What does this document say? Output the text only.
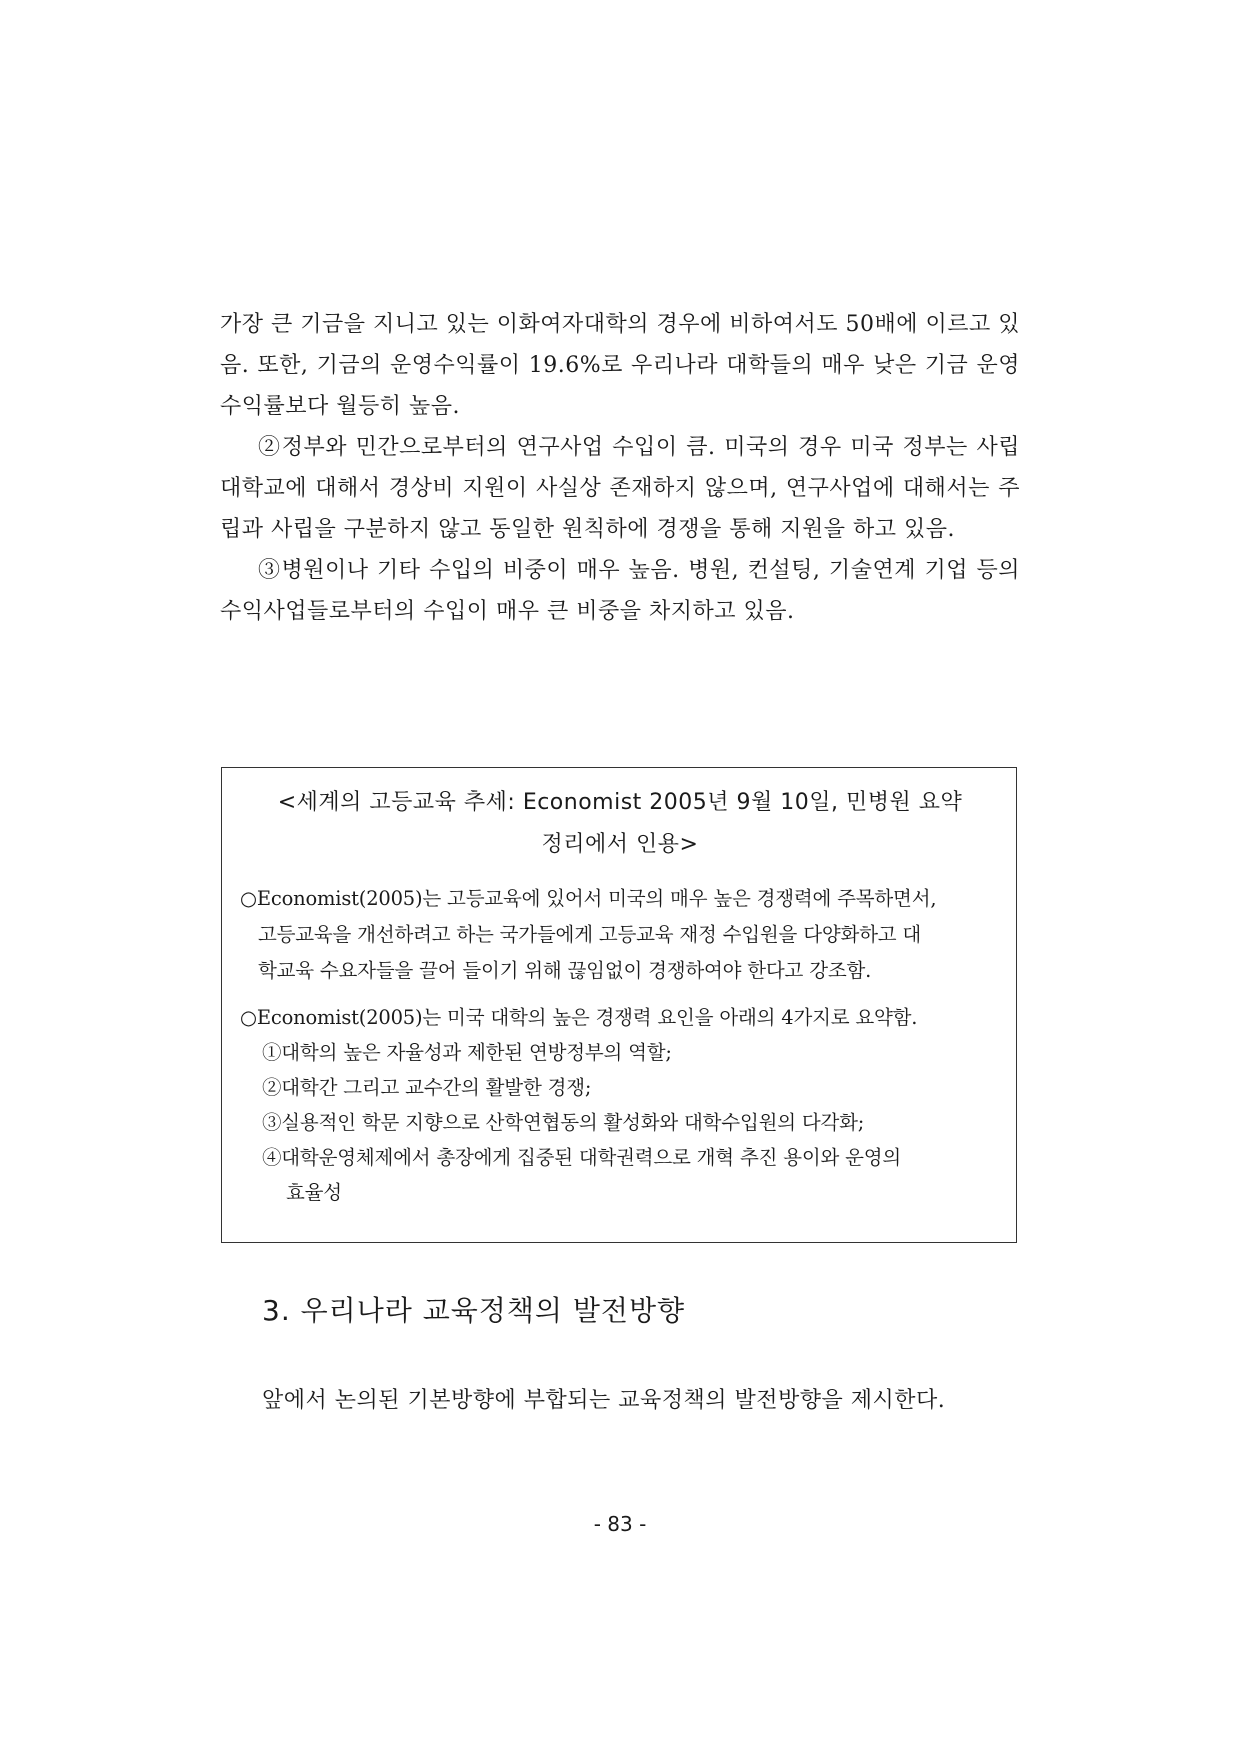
가장 큰 기금을 지니고 있는 이화여자대학의 경우에 비하여서도 50배에 이르고 있음. 또한, 기금의 운영수익률이 19.6%로 우리나라 대학들의 매우 낮은 기금 운영수익률보다 월등히 높음.

②정부와 민간으로부터의 연구사업 수입이 큼. 미국의 경우 미국 정부는 사립대학교에 대해서 경상비 지원이 사실상 존재하지 않으며, 연구사업에 대해서는 주립과 사립을 구분하지 않고 동일한 원칙하에 경쟁을 통해 지원을 하고 있음.

③병원이나 기타 수입의 비중이 매우 높음. 병원, 컨설팅, 기술연계 기업 등의 수익사업들로부터의 수입이 매우 큰 비중을 차지하고 있음.

<세계의 고등교육 추세: Economist 2005년 9월 10일, 민병원 요약
정리에서 인용>
○Economist(2005)는 고등교육에 있어서 미국의 매우 높은 경쟁력에 주목하면서,
고등교육을 개선하려고 하는 국가들에게 고등교육 재정 수입원을 다양화하고 대
학교육 수요자들을 끌어 들이기 위해 끊임없이 경쟁하여야 한다고 강조함.
○Economist(2005)는 미국 대학의 높은 경쟁력 요인을 아래의 4가지로 요약함.
①대학의 높은 자율성과 제한된 연방정부의 역할;
②대학간 그리고 교수간의 활발한 경쟁;
③실용적인 학문 지향으로 산학연협동의 활성화와 대학수입원의 다각화;
④대학운영체제에서 총장에게 집중된 대학권력으로 개혁 추진 용이와 운영의
효율성
3. 우리나라 교육정책의 발전방향
앞에서 논의된 기본방향에 부합되는 교육정책의 발전방향을 제시한다.
- 83 -
